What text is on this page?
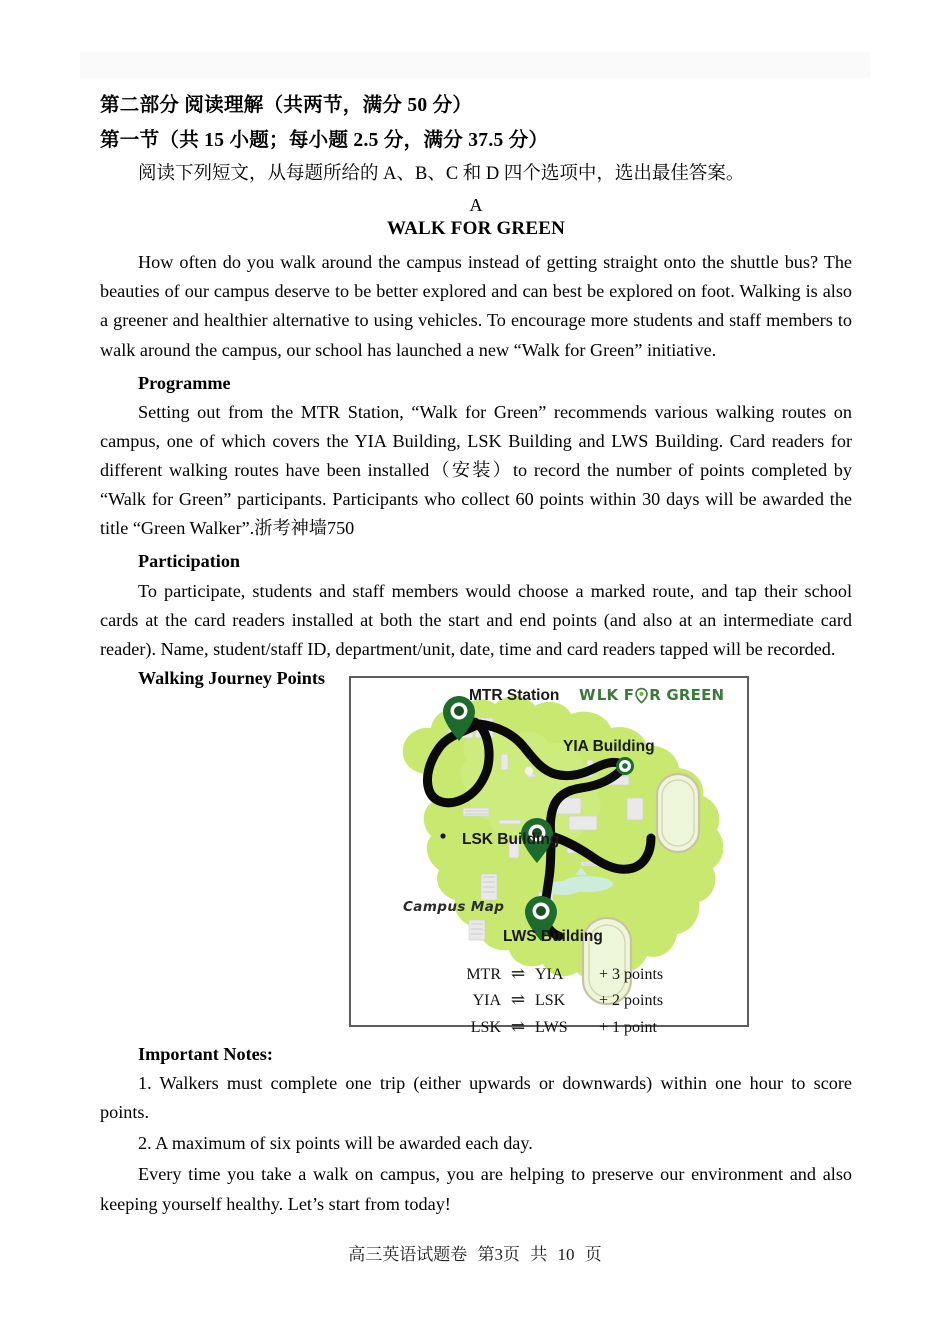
第二部分 阅读理解（共两节，满分 50 分）
第一节（共 15 小题；每小题 2.5 分，满分 37.5 分）

阅读下列短文，从每题所给的 A、B、C 和 D 四个选项中，选出最佳答案。

A
WALK FOR GREEN

How often do you walk around the campus instead of getting straight onto the shuttle bus? The beauties of our campus deserve to be better explored and can best be explored on foot. Walking is also a greener and healthier alternative to using vehicles. To encourage more students and staff members to walk around the campus, our school has launched a new “Walk for Green” initiative.

Programme

Setting out from the MTR Station, “Walk for Green” recommends various walking routes on campus, one of which covers the YIA Building, LSK Building and LWS Building. Card readers for different walking routes have been installed（安装）to record the number of points completed by “Walk for Green” participants. Participants who collect 60 points within 30 days will be awarded the title “Green Walker”.浙考神墙750

Participation

To participate, students and staff members would choose a marked route, and tap their school cards at the card readers installed at both the start and end points (and also at an intermediate card reader). Name, student/staff ID, department/unit, date, time and card readers tapped will be recorded.

Walking Journey Points
W LK F R GREEN
MTR Station
YIA Building
LSK Building
LWS Building
Campus Map
MTR ⇌ YIA	+ 3 points
YIA ⇌ LSK	+ 2 points
LSK ⇌ LWS	+ 1 point
Important Notes:

1. Walkers must complete one trip (either upwards or downwards) within one hour to score points.

2. A maximum of six points will be awarded each day.

Every time you take a walk on campus, you are helping to preserve our environment and also keeping yourself healthy. Let’s start from today!

高三英语试题卷 第3页 共 10 页
